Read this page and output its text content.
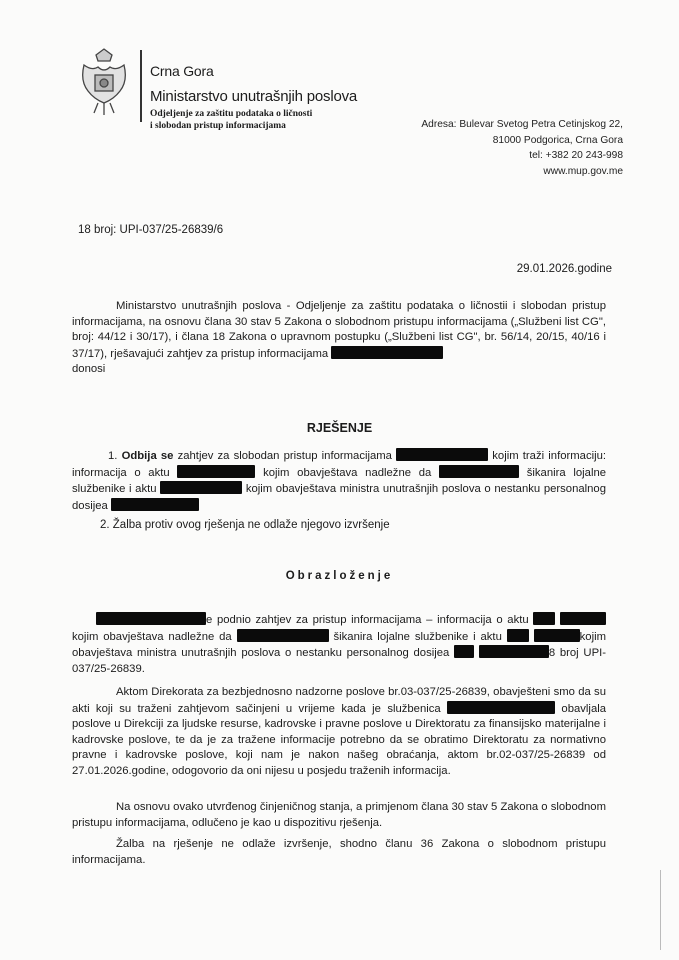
Crna Gora
Ministarstvo unutrašnjih poslova
Odjeljenje za zaštitu podataka o ličnosti
i slobodan pristup informacijama	Adresa: Bulevar Svetog Petra Cetinjskog 22,
81000 Podgorica, Crna Gora
tel: +382 20 243-998
www.mup.gov.me
18 broj: UPI-037/25-26839/6
29.01.2026.godine
Ministarstvo unutrašnjih poslova - Odjeljenje za zaštitu podataka o ličnostii i slobodan pristup informacijama, na osnovu člana 30 stav 5 Zakona o slobodnom pristupu informacijama („Službeni list CG", broj: 44/12 i 30/17), i člana 18 Zakona o upravnom postupku („Službeni list CG", br. 56/14, 20/15, 40/16 i 37/17), rješavajući zahtjev za pristup informacijama
donosi
RJEŠENJE
1. Odbija se zahtjev za slobodan pristup informacijama	kojim traži informaciju: informacija o aktu	kojim obavještava nadležne da	šikanira lojalne službenike i aktu	kojim obavještava ministra unutrašnjih poslova o nestanku personalnog dosijea
2. Žalba protiv ovog rješenja ne odlaže njegovo izvršenje
Obrazloženje
e podnio zahtjev za pristup informacijama – informacija o aktu  kojim obavještava nadležne da	šikanira lojalne službenike i aktu	kojim obavještava ministra unutrašnjih poslova o nestanku personalnog dosijea	8 broj UPI-037/25-26839.
Aktom Direkorata za bezbjednosno nadzorne poslove br.03-037/25-26839, obavješteni smo da su akti koji su traženi zahtjevom sačinjeni u vrijeme kada je službenica	obavljala poslove u Direkciji za ljudske resurse, kadrovske i pravne poslove u Direktoratu za finansijsko materijalne i kadrovske poslove, te da je za tražene informacije potrebno da se obratimo Direktoratu za normativno pravne i kadrovske poslove, koji nam je nakon našeg obraćanja, aktom br.02-037/25-26839 od 27.01.2026.godine, odogovorio da oni nijesu u posjedu traženih informacija.
Na osnovu ovako utvrđenog činjeničnog stanja, a primjenom člana 30 stav 5 Zakona o slobodnom pristupu informacijama, odlučeno je kao u dispozitivu rješenja.
Žalba na rješenje ne odlaže izvršenje, shodno članu 36 Zakona o slobodnom pristupu informacijama.
